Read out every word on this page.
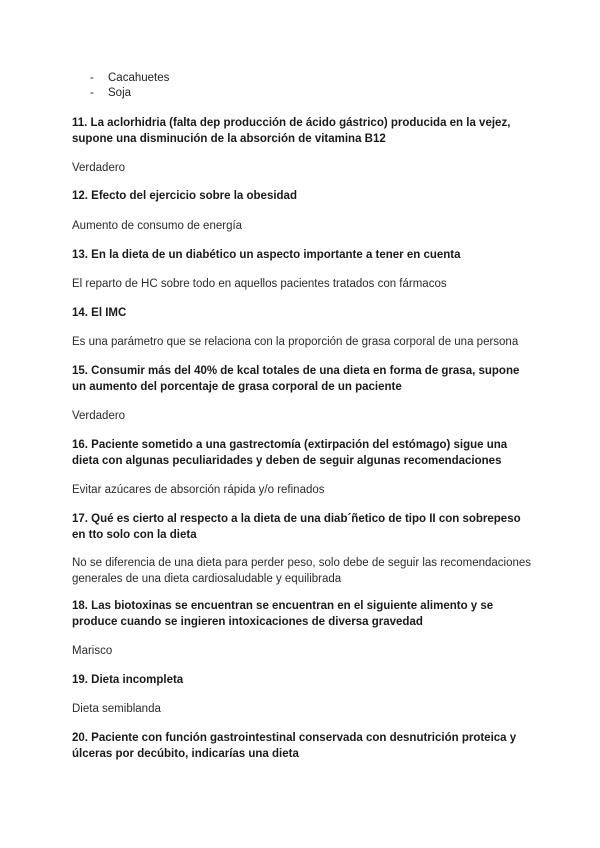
-	Cacahuetes
-	Soja
11. La aclorhidria (falta dep producción de ácido gástrico) producida en la vejez, supone una disminución de la absorción de vitamina B12
Verdadero
12. Efecto del ejercicio sobre la obesidad
Aumento de consumo de energía
13. En la dieta de un diabético un aspecto importante a tener en cuenta
El reparto de HC sobre todo en aquellos pacientes tratados con fármacos
14. El IMC
Es una parámetro que se relaciona con la proporción de grasa corporal de una persona
15. Consumir más del 40% de kcal totales de una dieta en forma de grasa, supone un aumento del porcentaje de grasa corporal de un paciente
Verdadero
16. Paciente sometido a una gastrectomía (extirpación del estómago) sigue una dieta con algunas peculiaridades y deben de seguir algunas recomendaciones
Evitar azúcares de absorción rápida y/o refinados
17. Qué es cierto al respecto a la dieta de una diab´ñetico de tipo II con sobrepeso en tto solo con la dieta
No se diferencia de una dieta para perder peso, solo debe de seguir las recomendaciones generales de una dieta cardiosaludable y equilibrada
18. Las biotoxinas se encuentran se encuentran en el siguiente alimento y se produce cuando se ingieren intoxicaciones de diversa gravedad
Marisco
19. Dieta incompleta
Dieta semiblanda
20. Paciente con función gastrointestinal conservada con desnutrición proteica y úlceras por decúbito, indicarías una dieta
